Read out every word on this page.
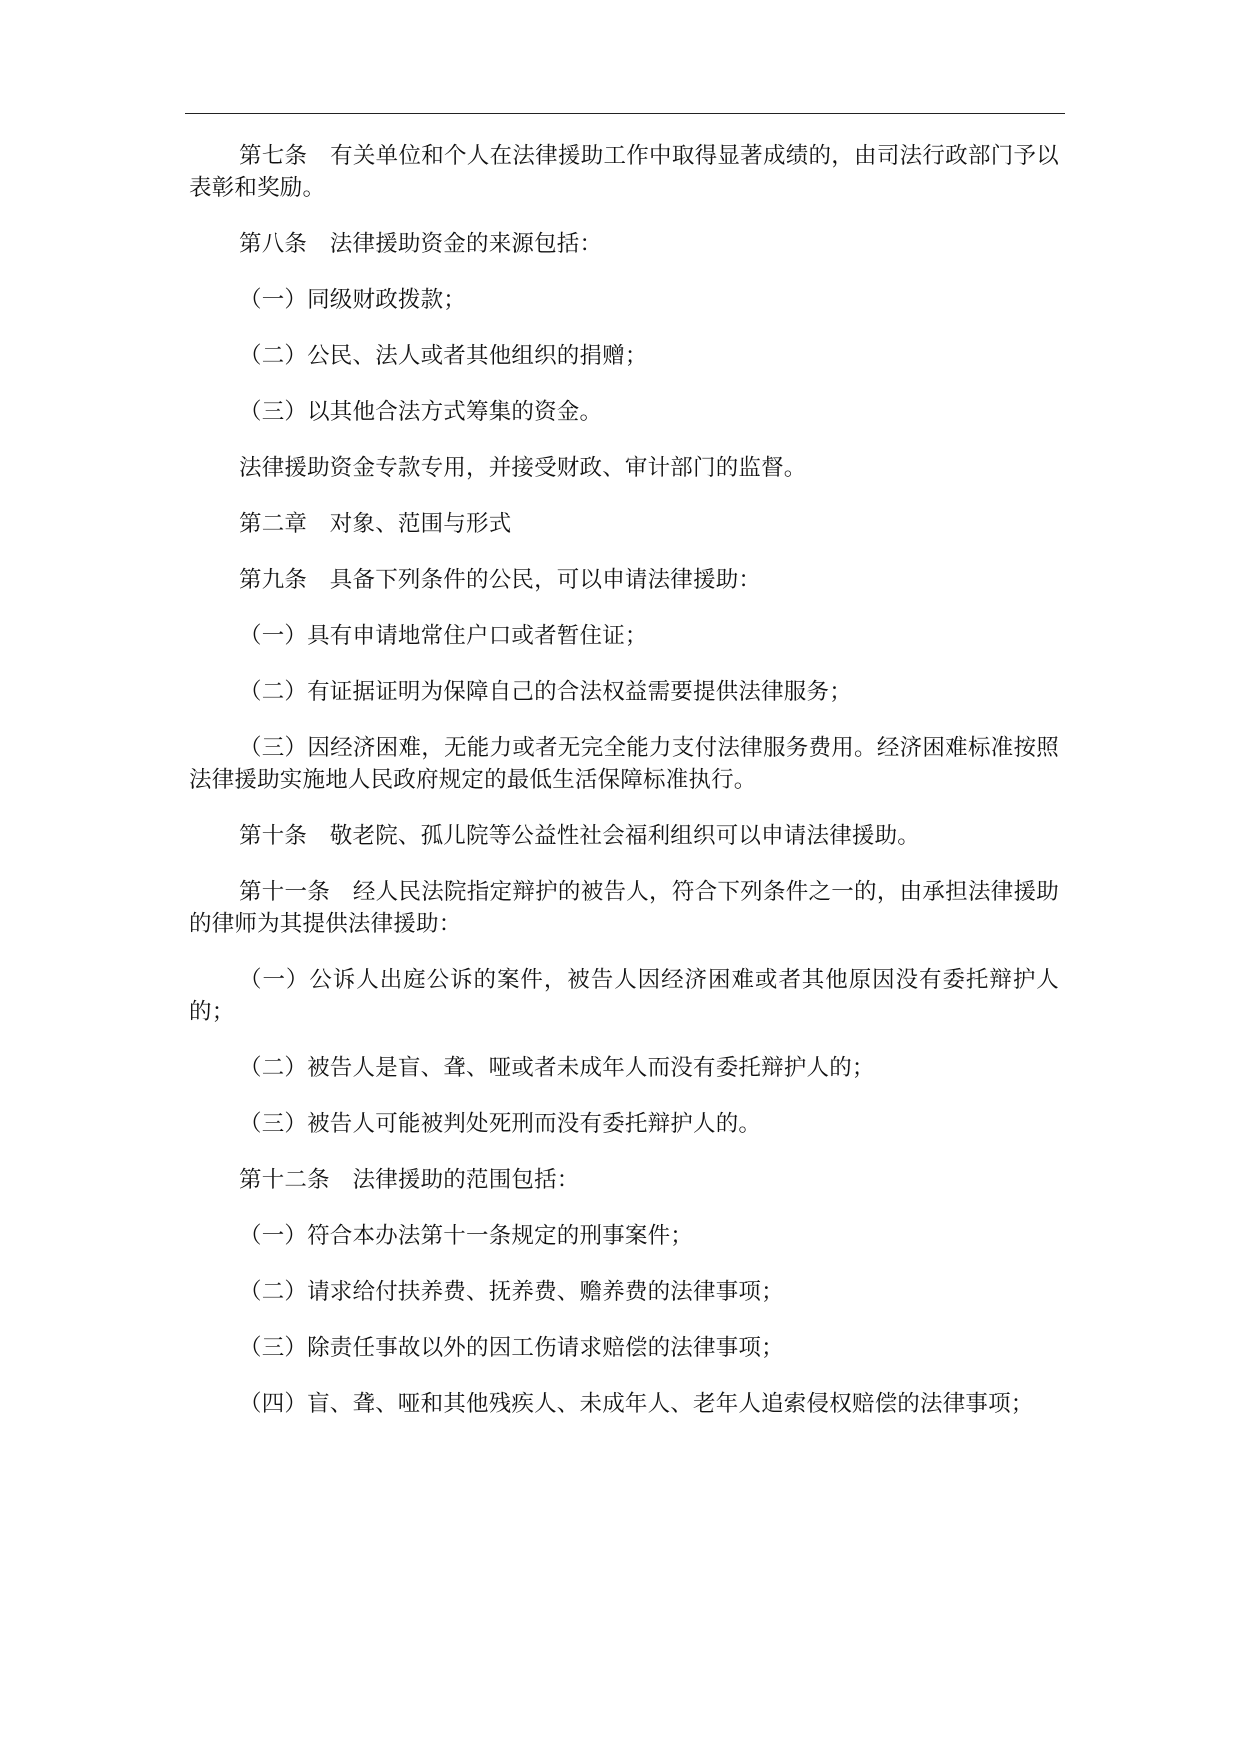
第七条　有关单位和个人在法律援助工作中取得显著成绩的，由司法行政部门予以表彰和奖励。

第八条　法律援助资金的来源包括：

（一）同级财政拨款；

（二）公民、法人或者其他组织的捐赠；

（三）以其他合法方式筹集的资金。

法律援助资金专款专用，并接受财政、审计部门的监督。

第二章　对象、范围与形式

第九条　具备下列条件的公民，可以申请法律援助：

（一）具有申请地常住户口或者暂住证；

（二）有证据证明为保障自己的合法权益需要提供法律服务；

（三）因经济困难，无能力或者无完全能力支付法律服务费用。经济困难标准按照法律援助实施地人民政府规定的最低生活保障标准执行。

第十条　敬老院、孤儿院等公益性社会福利组织可以申请法律援助。

第十一条　经人民法院指定辩护的被告人，符合下列条件之一的，由承担法律援助的律师为其提供法律援助：

（一）公诉人出庭公诉的案件，被告人因经济困难或者其他原因没有委托辩护人的；

（二）被告人是盲、聋、哑或者未成年人而没有委托辩护人的；

（三）被告人可能被判处死刑而没有委托辩护人的。

第十二条　法律援助的范围包括：

（一）符合本办法第十一条规定的刑事案件；

（二）请求给付扶养费、抚养费、赡养费的法律事项；

（三）除责任事故以外的因工伤请求赔偿的法律事项；

（四）盲、聋、哑和其他残疾人、未成年人、老年人追索侵权赔偿的法律事项；
